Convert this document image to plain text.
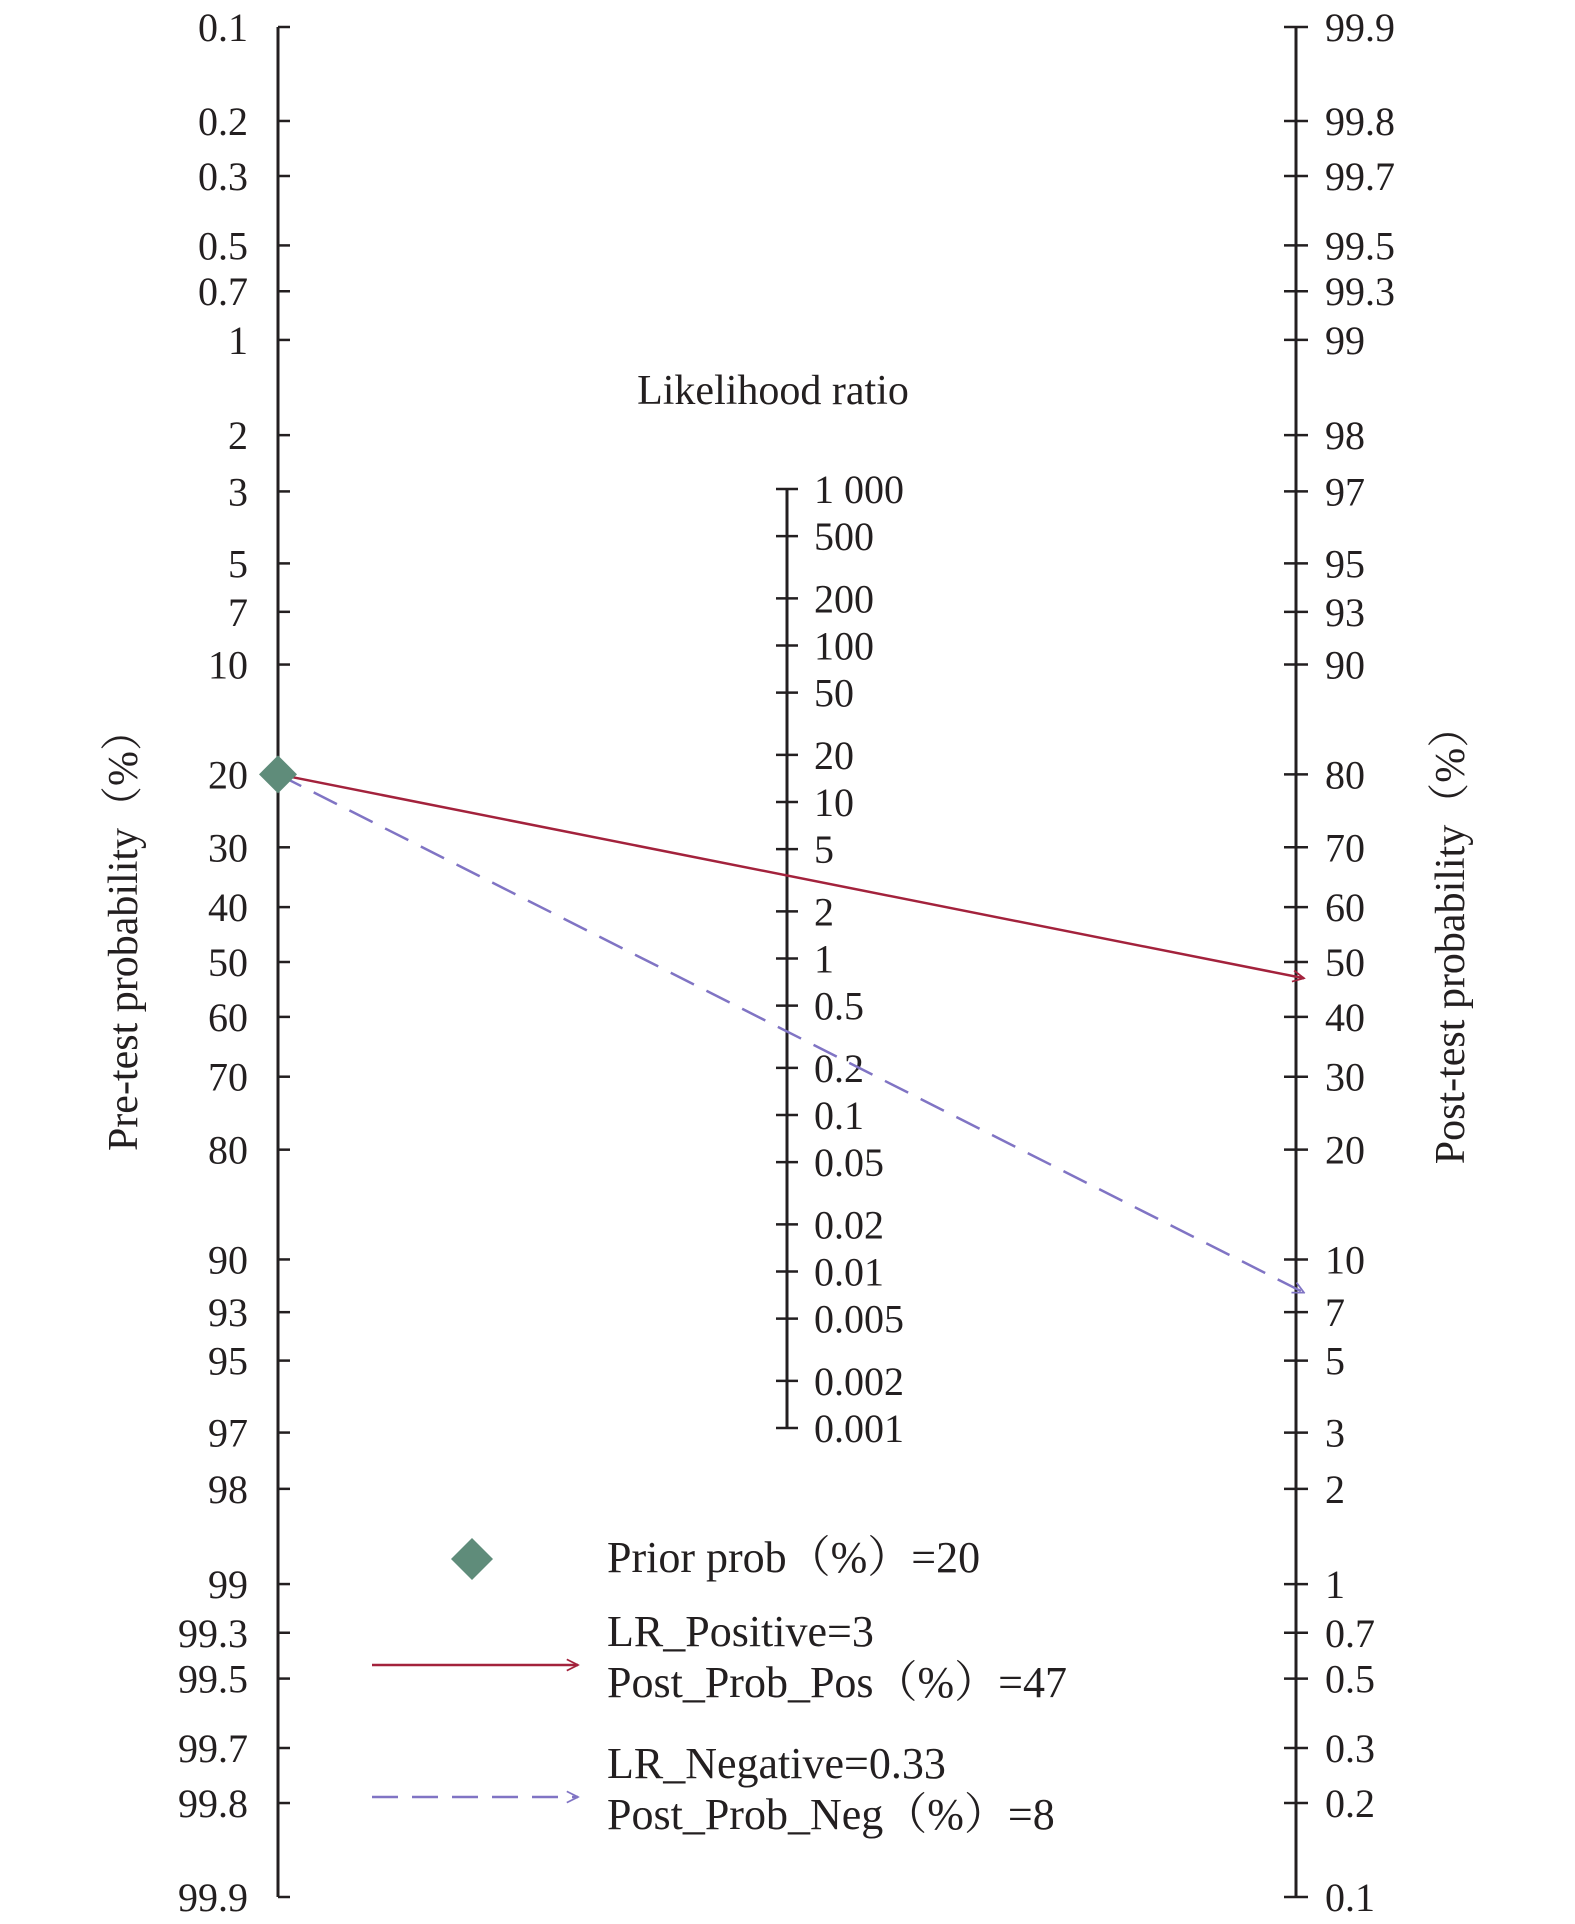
0.1
0.2
0.3
0.5
0.7
1
2
3
5
7
10
20
30
40
50
60
70
80
90
93
95
97
98
99
99.3
99.5
99.7
99.8
99.9
1 000
500
200
100
50
20
10
5
2
1
0.5
0.2
0.1
0.05
0.02
0.01
0.005
0.002
0.001
99.9
99.8
99.7
99.5
99.3
99
98
97
95
93
90
80
70
60
50
40
30
20
10
7
5
3
2
1
0.7
0.5
0.3
0.2
0.1
Pre-test probability（%）
Likelihood ratio
Post-test probability（%）
Prior prob（%）=20
LR_Positive=3
Post_Prob_Pos（%）=47
LR_Negative=0.33
Post_Prob_Neg（%）=8
